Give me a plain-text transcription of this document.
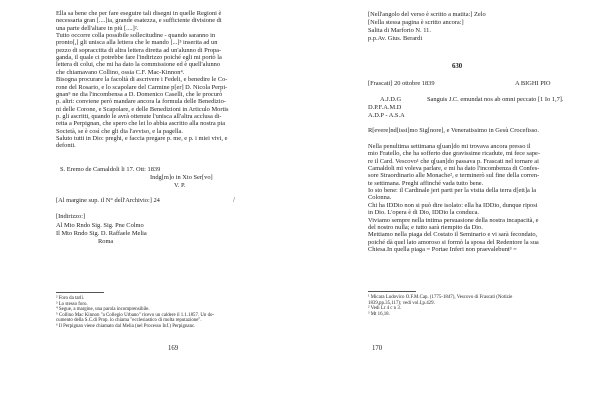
Ella sa bene che per fare eseguire tali disegni in quelle Regioni è
necessaria gran [....]ia, grande esatezza, e sufficiente divisione di
una parte dell'altare in più [....]².
Tutto occorre colla possibile sollecitudine - quando saranno in
pronto[,] gli unisca alla lettera che le mando [...]³ inserita ad un
pezzo di sopraccitta di altra lettera diretta ad un'alunno di Propa-
ganda, il quale ci potrebbe fare l'indirizzo poiché egli mi portò la
lettera di colui, che mi ha dato la commissione ed è quell'alunno
che chiamavano Collino, ossia C.F. Mac-Kinnon⁴.
Bisogna procurare la facoltà di ascrivere i Fedeli, e benedire le Co-
rone del Rosario, e lo scapolare del Carmine p[er] D. Nicola Perpi-
gnan⁵ ne dia l'incombensa a D. Domenico Caselli, che le procurò
p. altri: conviene però mandare ancora la formula delle Benedizio-
ni delle Corone, e Scapolare, e delle Benedizioni in Articulo Mortis
p. gli ascritti, quando le avrà ottenute l'unisca all'altra acclusa di-
retta a Perpignan, che spero che lei lo abbia ascritto alla nostra pia
Società, se è così che gli dia l'avviso, e la pagella.
Saluto tutti in Dio: preghi, e faccia pregare p. me, e p. i miei vivi, e
defonti.
S. Eremo de Camaldoli li 17. Ott: 1839
Indg[m]o in Xto Ser[vo]
V. P.
[Al margine sup. il N° dell'Archivio:] 24	/
[Indirizzo:]
Al Mto Rndo Sig. Sig. Pne Colmo
Il Mto Rndo Sig. D. Raffaele Melia
Roma
² Foro da tarli.
³ Lo stesso foro.
⁴ Segue, a margine, una parola incomprensibile.
⁵ Collino Mac Kinnon "a Collegio Urbano" ricevo un caldere il 1.1.1857. Un do-
cumento della S.C.di Prop. lo chiama "ecclesiastico di molta reputazione".
⁶ Il Perpignan viene chiamato dal Melia (nel Processo Inf.) Perpignanc.
169
[Nell'angolo del verso è scritto a matita:] Zelo
[Nella stessa pagina è scritto ancora:]
Salita di Marforio N. 11.
p.p.Av. Gius. Berardi
630
[Frascati] 20 ottobre 1839	A BIGHI PIO
A.J.D.G
D.P.F.A.M.D
A.D.P - A.S.A
Sanguis J.C. emundat nos ab omni peccato [1 Io 1,7].
R[evere]nd[issi]mo Sig[nore], e Veneratissimo in Gesù Crocefisso.
Nella penultima settimana q[uan]do mi trovava ancora presso il
mio Fratello, che ha sofferto due gravissime ricadute, mi fece sape-
re il Card. Vescovo¹ che q[uan]do passava p. Frascati nel tornare ai
Camaldoli mi voleva parlare, e mi ha dato l'incombenza di Confes-
sore Straordinario alle Monache², e terminerò sul fine della corren-
te settimana. Preghi affinché vada tutto bene.
Io sto bene: il Cardinale jeri parti per la visita della terra d[ett]a la
Colonna.
Chi ha IDDio non si può dire isolato: ella ha IDDio, dunque riposi
in Dio. L'opera è di Dio, IDDio la conduca.
Viviamo sempre nella intima persuasione della nostra incapacità, e
del nostro nulla; e tutto sarà riempito da Dio.
Mettiamo nella piaga del Costato il Seminario e vi sarà fecondato,
poiché dà quel lato amoroso si formò la sposa del Redentore la sua
Chiesa.In quella piaga = Portae Inferi non praevalebunt³ =
¹ Micara Ludovico O.F.M.Cap. (1775-1847), Vescovo di Frascati (Notizie
1839,pp.35,117); vedi vol.I,p.429.
² Vedi Lr 4 c n 3.
³ Mt 16,18.
170
